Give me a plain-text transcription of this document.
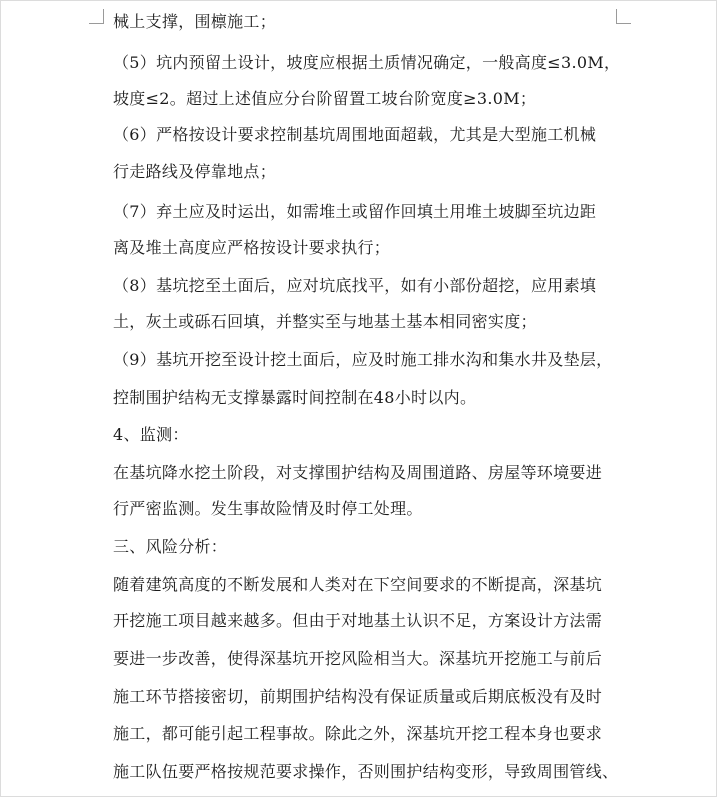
械上支撑，围檩施工；
（5）坑内预留土设计，坡度应根据土质情况确定，一般高度≤3.0M，
坡度≤2。超过上述值应分台阶留置工坡台阶宽度≥3.0M；
（6）严格按设计要求控制基坑周围地面超载，尤其是大型施工机械
行走路线及停靠地点；
（7）弃土应及时运出，如需堆土或留作回填土用堆土坡脚至坑边距
离及堆土高度应严格按设计要求执行；
（8）基坑挖至土面后，应对坑底找平，如有小部份超挖，应用素填
土，灰土或砾石回填，并整实至与地基土基本相同密实度；
（9）基坑开挖至设计挖土面后，应及时施工排水沟和集水井及垫层，
控制围护结构无支撑暴露时间控制在48小时以内。
4、监测：
在基坑降水挖土阶段，对支撑围护结构及周围道路、房屋等环境要进
行严密监测。发生事故险情及时停工处理。
三、风险分析：
随着建筑高度的不断发展和人类对在下空间要求的不断提高，深基坑
开挖施工项目越来越多。但由于对地基土认识不足，方案设计方法需
要进一步改善，使得深基坑开挖风险相当大。深基坑开挖施工与前后
施工环节搭接密切，前期围护结构没有保证质量或后期底板没有及时
施工，都可能引起工程事故。除此之外，深基坑开挖工程本身也要求
施工队伍要严格按规范要求操作，否则围护结构变形，导致周围管线、
